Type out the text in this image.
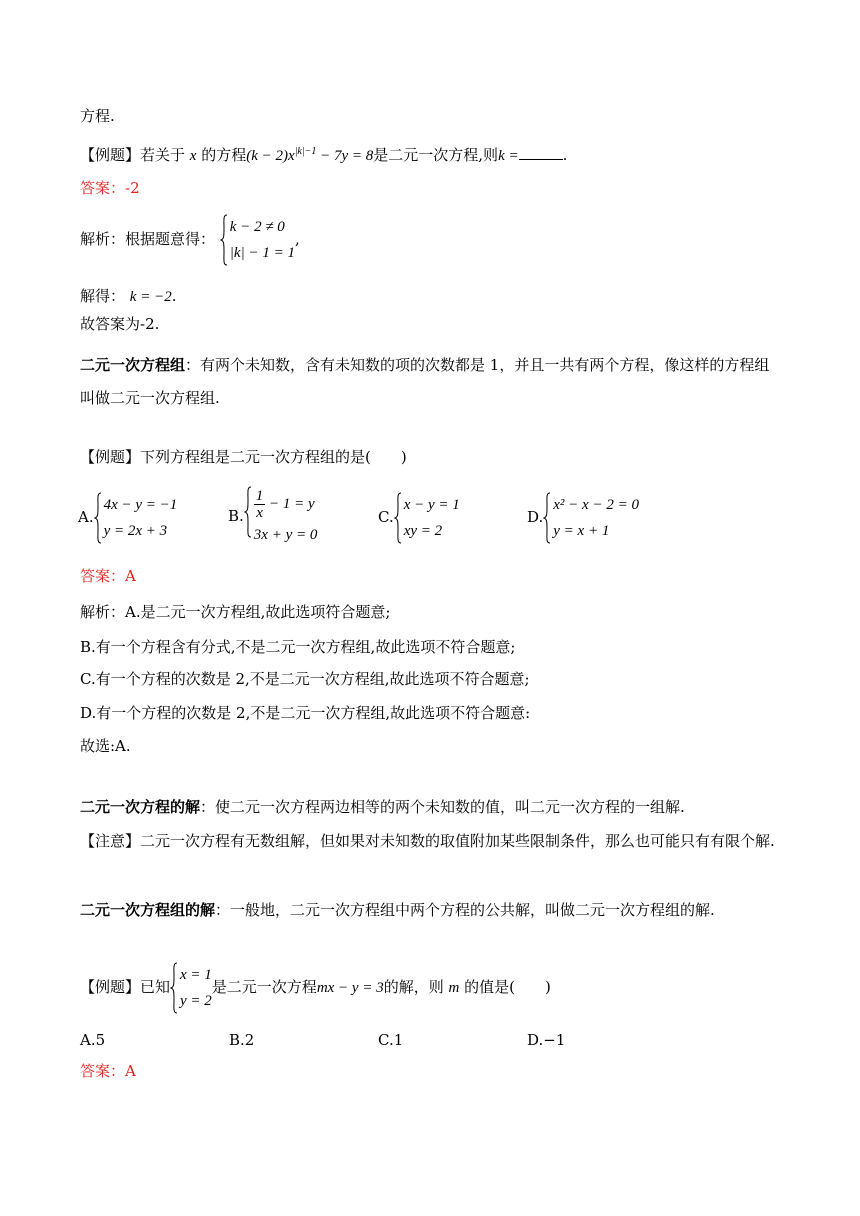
方程.
【例题】若关于 x 的方程$(k - 2)x^{|k|-1} - 7y = 8$是二元一次方程,则k =	.
答案：-2
解析：根据题意得：
k − 2 ≠ 0
|k| − 1 = 1
,
解得： k = −2.
故答案为-2.
二元一次方程组：有两个未知数，含有未知数的项的次数都是 1，并且一共有两个方程，像这样的方程组叫做二元一次方程组.
【例题】下列方程组是二元一次方程组的是(　　)
A.
4x − y = −1
y = 2x + 3
B. $\frac{1}{x} - 1 = y$
3x + y = 0
C.
x − y = 1
xy = 2
D.
x² − x − 2 = 0
y = x + 1
答案：A
解析：A.是二元一次方程组,故此选项符合题意;
B.有一个方程含有分式,不是二元一次方程组,故此选项不符合题意;
C.有一个方程的次数是 2,不是二元一次方程组,故此选项不符合题意;
D.有一个方程的次数是 2,不是二元一次方程组,故此选项不符合题意:
故选:A.
二元一次方程的解：使二元一次方程两边相等的两个未知数的值，叫二元一次方程的一组解.
【注意】二元一次方程有无数组解，但如果对未知数的取值附加某些限制条件，那么也可能只有有限个解.
二元一次方程组的解：一般地，二元一次方程组中两个方程的公共解，叫做二元一次方程组的解.
【例题】已知
x = 1
y = 2
是二元一次方程mx − y = 3的解，则 m 的值是(　　)
A.5	B.2	C.1	D.−1
答案：A
